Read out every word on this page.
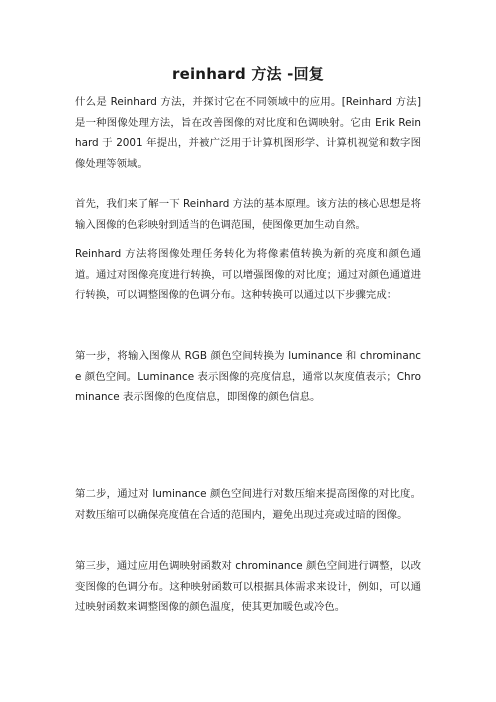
reinhard 方法 -回复

什么是 Reinhard 方法，并探讨它在不同领域中的应用。[Reinhard 方法]是一种图像处理方法，旨在改善图像的对比度和色调映射。它由 Erik Reinhard 于 2001 年提出，并被广泛用于计算机图形学、计算机视觉和数字图像处理等领域。

首先，我们来了解一下 Reinhard 方法的基本原理。该方法的核心思想是将输入图像的色彩映射到适当的色调范围，使图像更加生动自然。

Reinhard 方法将图像处理任务转化为将像素值转换为新的亮度和颜色通道。通过对图像亮度进行转换，可以增强图像的对比度；通过对颜色通道进行转换，可以调整图像的色调分布。这种转换可以通过以下步骤完成：

第一步，将输入图像从 RGB 颜色空间转换为 luminance 和 chrominance 颜色空间。Luminance 表示图像的亮度信息，通常以灰度值表示；Chrominance 表示图像的色度信息，即图像的颜色信息。

第二步，通过对 luminance 颜色空间进行对数压缩来提高图像的对比度。对数压缩可以确保亮度值在合适的范围内，避免出现过亮或过暗的图像。

第三步，通过应用色调映射函数对 chrominance 颜色空间进行调整，以改变图像的色调分布。这种映射函数可以根据具体需求来设计，例如，可以通过映射函数来调整图像的颜色温度，使其更加暖色或冷色。
